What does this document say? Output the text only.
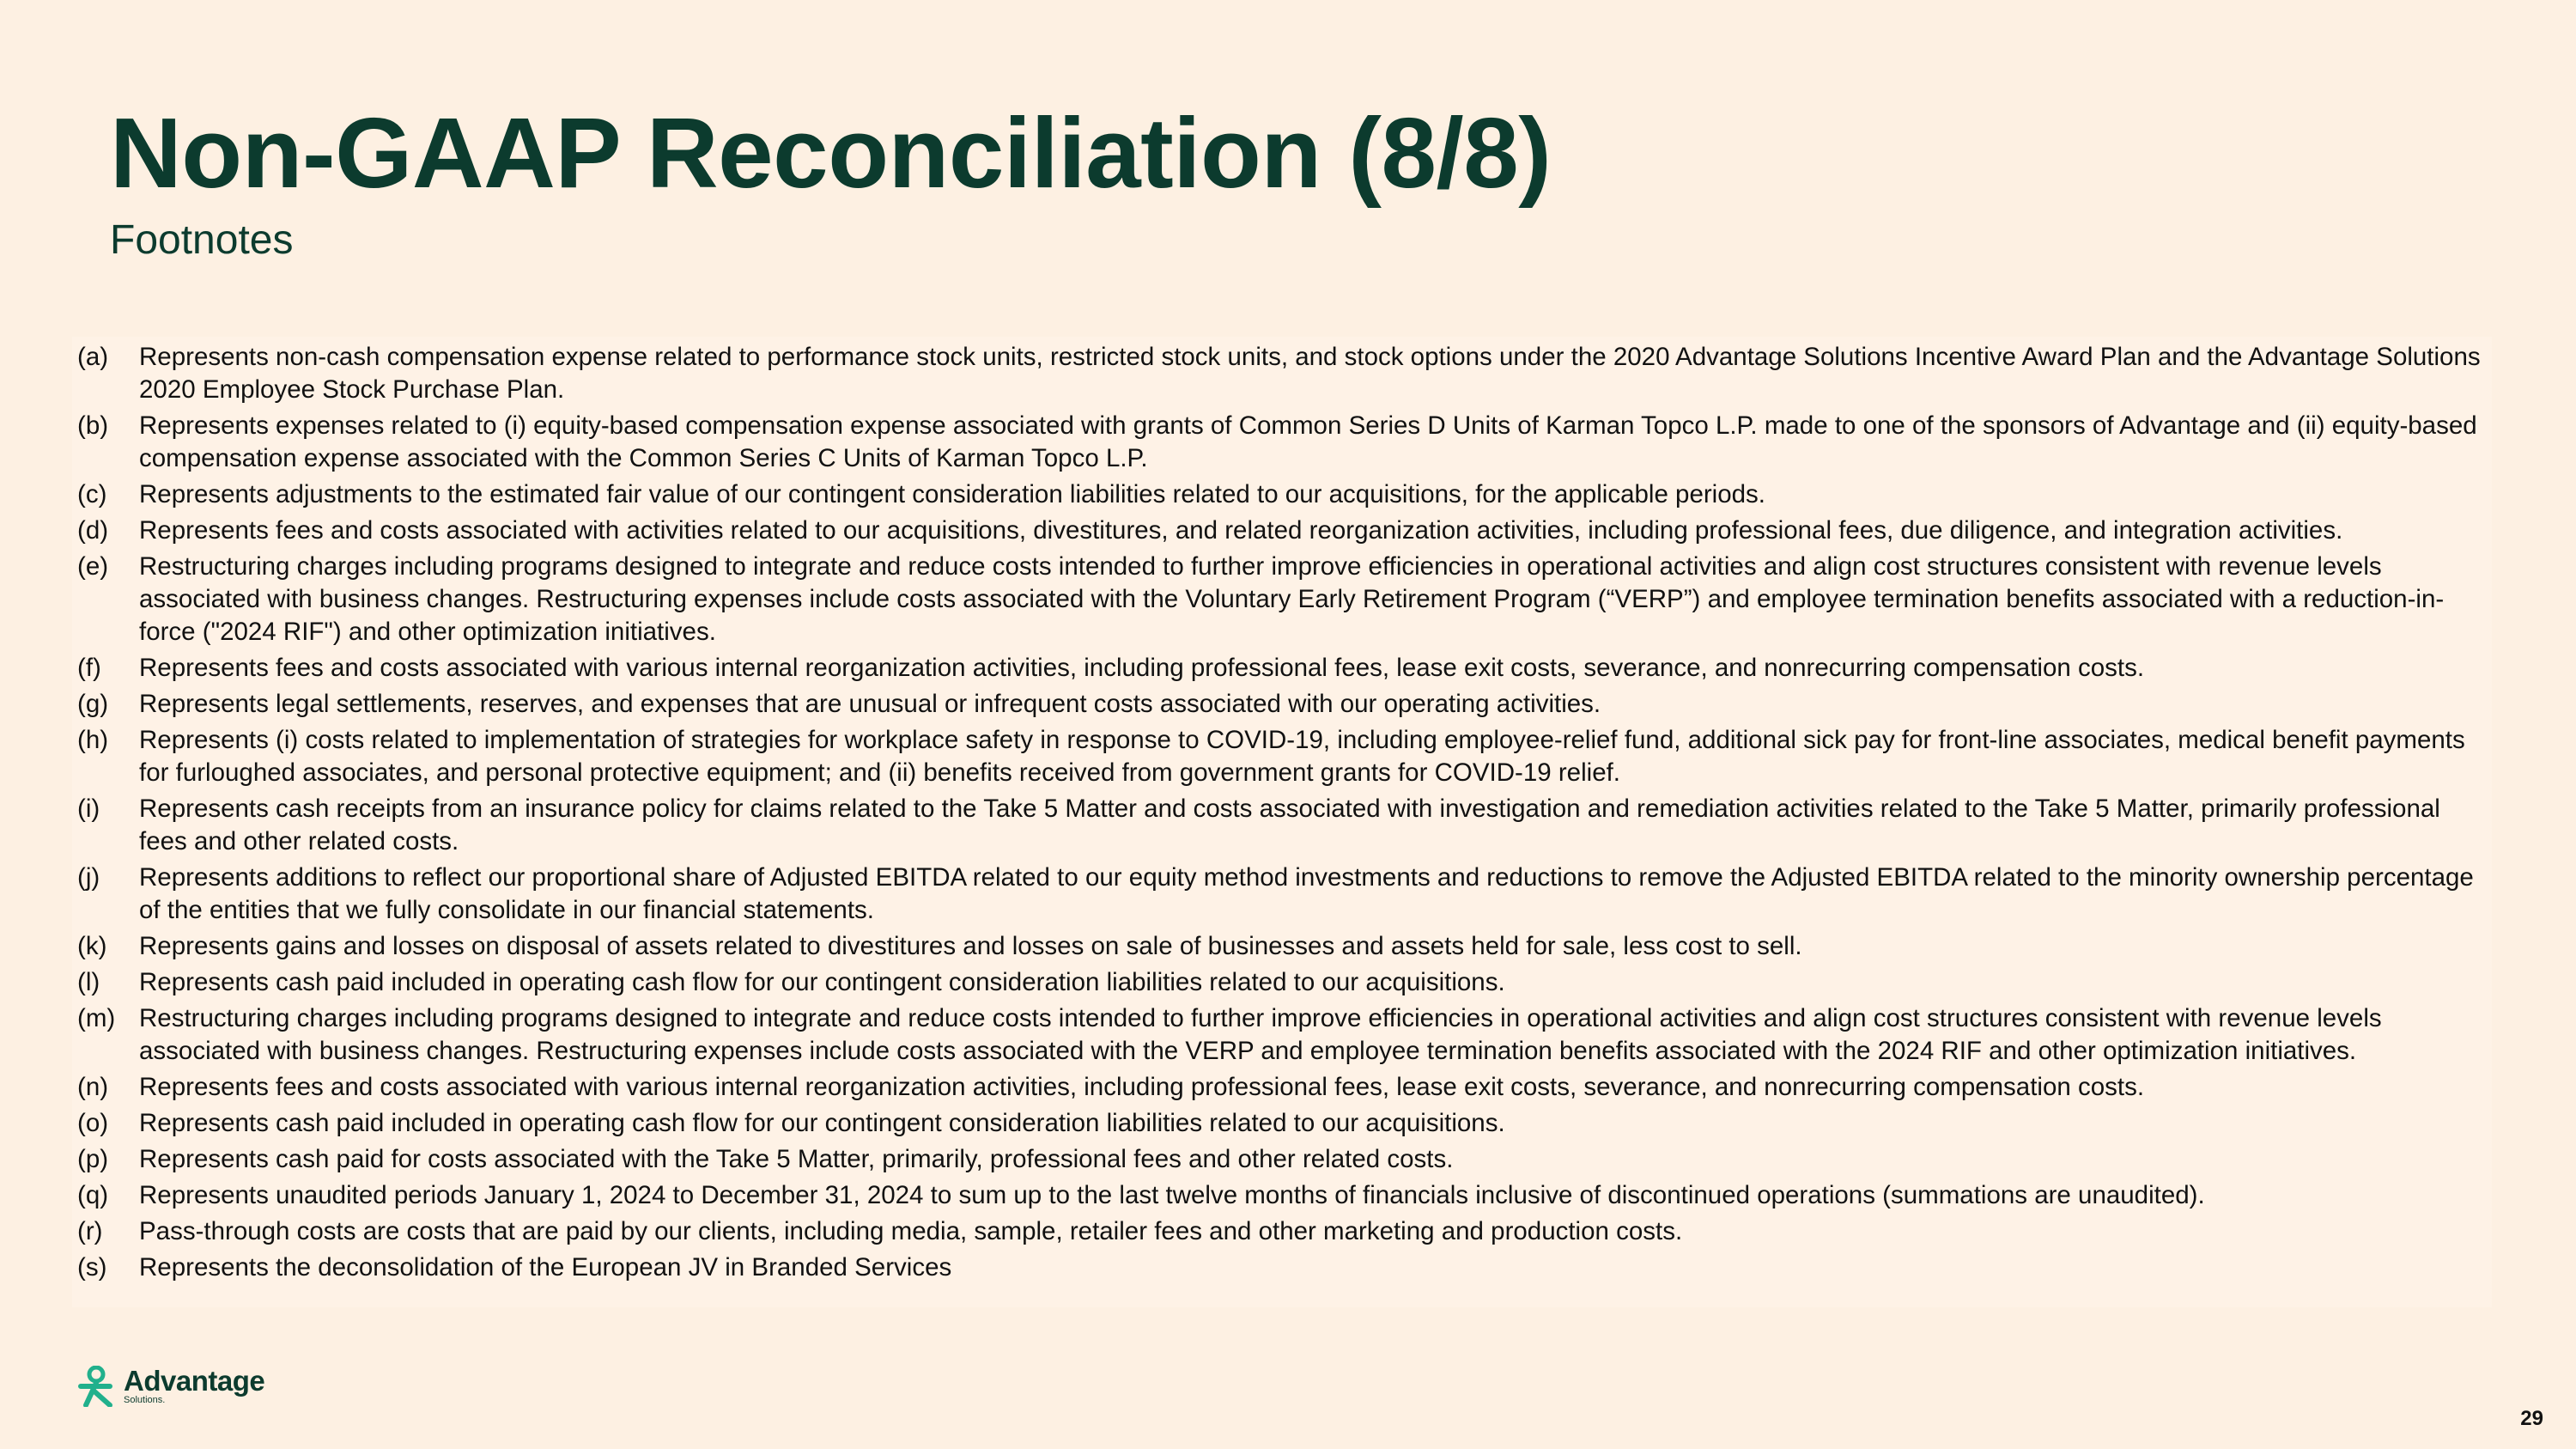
Non-GAAP Reconciliation (8/8)
Footnotes
(a)	Represents non-cash compensation expense related to performance stock units, restricted stock units, and stock options under the 2020 Advantage Solutions Incentive Award Plan and the Advantage Solutions 2020 Employee Stock Purchase Plan.
(b)	Represents expenses related to (i) equity-based compensation expense associated with grants of Common Series D Units of Karman Topco L.P. made to one of the sponsors of Advantage and (ii) equity-based compensation expense associated with the Common Series C Units of Karman Topco L.P.
(c)	Represents adjustments to the estimated fair value of our contingent consideration liabilities related to our acquisitions, for the applicable periods.
(d)	Represents fees and costs associated with activities related to our acquisitions, divestitures, and related reorganization activities, including professional fees, due diligence, and integration activities.
(e)	Restructuring charges including programs designed to integrate and reduce costs intended to further improve efficiencies in operational activities and align cost structures consistent with revenue levels associated with business changes. Restructuring expenses include costs associated with the Voluntary Early Retirement Program (“VERP”) and employee termination benefits associated with a reduction-in-force ("2024 RIF") and other optimization initiatives.
(f)	Represents fees and costs associated with various internal reorganization activities, including professional fees, lease exit costs, severance, and nonrecurring compensation costs.
(g)	Represents legal settlements, reserves, and expenses that are unusual or infrequent costs associated with our operating activities.
(h)	Represents (i) costs related to implementation of strategies for workplace safety in response to COVID-19, including employee-relief fund, additional sick pay for front-line associates, medical benefit payments for furloughed associates, and personal protective equipment; and (ii) benefits received from government grants for COVID-19 relief.
(i)	Represents cash receipts from an insurance policy for claims related to the Take 5 Matter and costs associated with investigation and remediation activities related to the Take 5 Matter, primarily professional fees and other related costs.
(j)	Represents additions to reflect our proportional share of Adjusted EBITDA related to our equity method investments and reductions to remove the Adjusted EBITDA related to the minority ownership percentage of the entities that we fully consolidate in our financial statements.
(k)	Represents gains and losses on disposal of assets related to divestitures and losses on sale of businesses and assets held for sale, less cost to sell.
(l)	Represents cash paid included in operating cash flow for our contingent consideration liabilities related to our acquisitions.
(m) Restructuring charges including programs designed to integrate and reduce costs intended to further improve efficiencies in operational activities and align cost structures consistent with revenue levels associated with business changes. Restructuring expenses include costs associated with the VERP and employee termination benefits associated with the 2024 RIF and other optimization initiatives.
(n)	Represents fees and costs associated with various internal reorganization activities, including professional fees, lease exit costs, severance, and nonrecurring compensation costs.
(o)	Represents cash paid included in operating cash flow for our contingent consideration liabilities related to our acquisitions.
(p)	Represents cash paid for costs associated with the Take 5 Matter, primarily, professional fees and other related costs.
(q)	Represents unaudited periods January 1, 2024 to December 31, 2024 to sum up to the last twelve months of financials inclusive of discontinued operations (summations are unaudited).
(r)	Pass-through costs are costs that are paid by our clients, including media, sample, retailer fees and other marketing and production costs.
(s)	Represents the deconsolidation of the European JV in Branded Services
Advantage
Solutions.
29
